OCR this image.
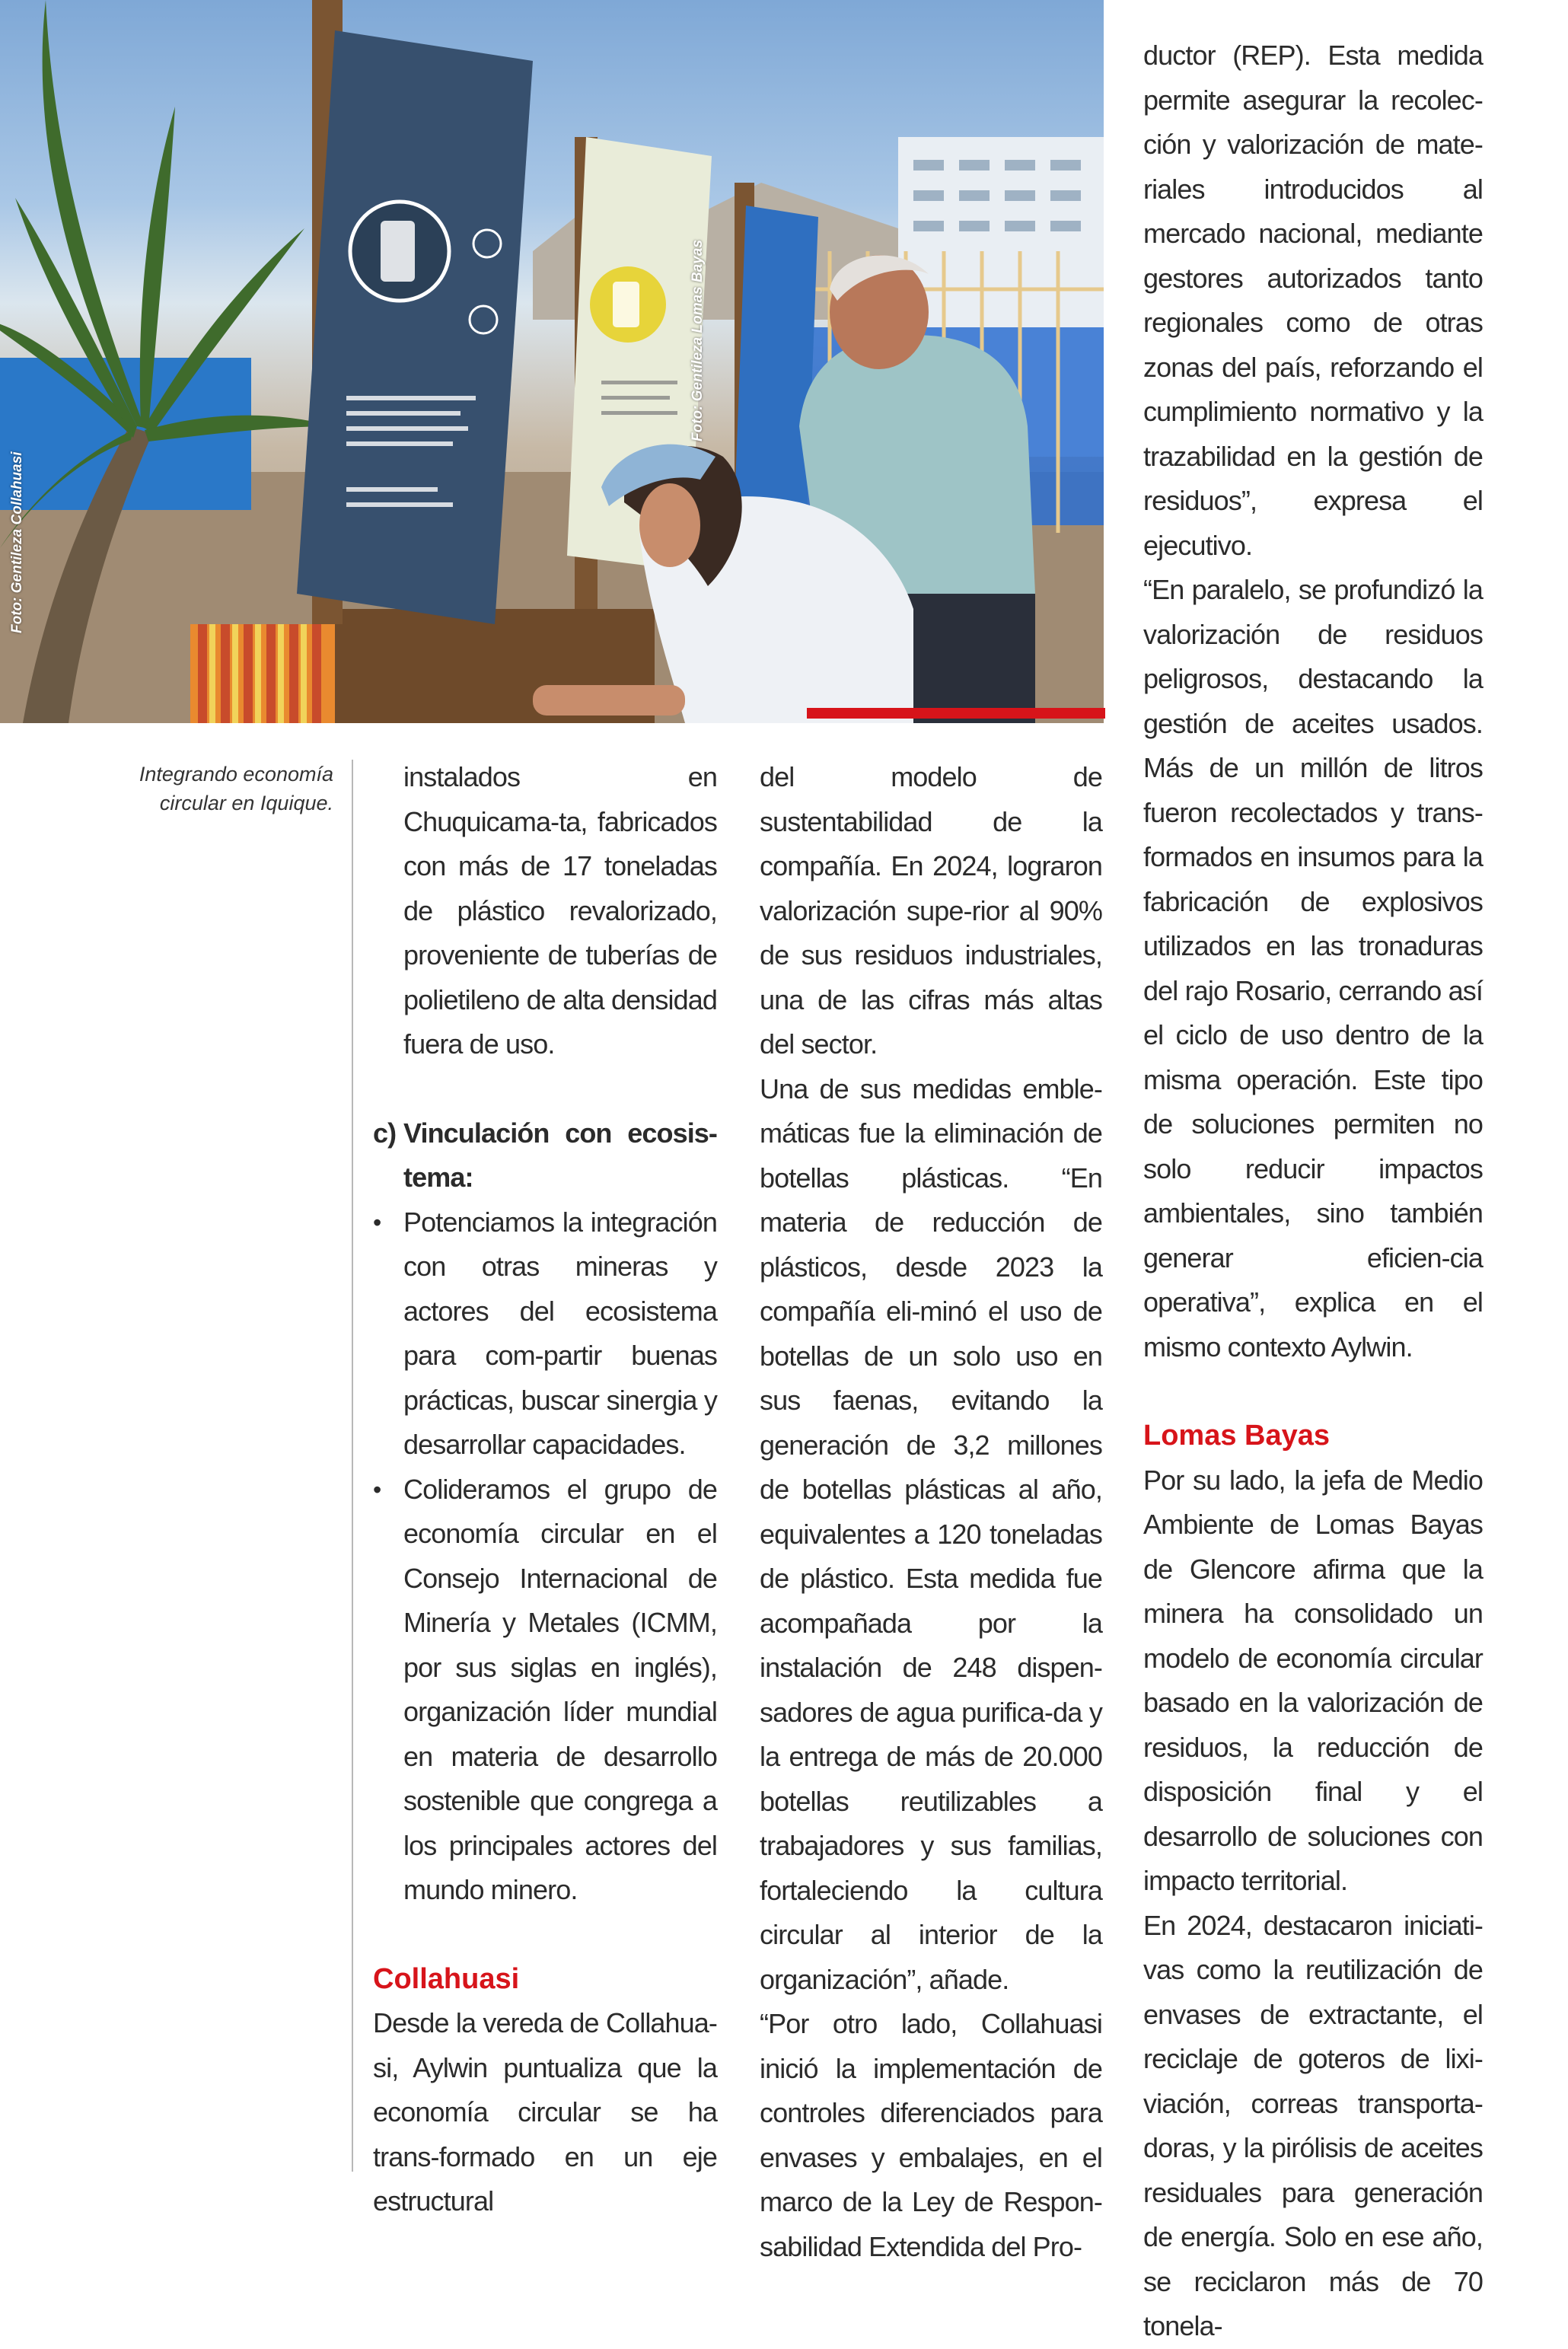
Foto: Gentileza Collahuasi
Foto: Gentileza Lomas Bayas
Integrando economía circular en Iquique.

instalados en Chuquicama-ta, fabricados con más de 17 toneladas de plástico revalorizado, proveniente de tuberías de polietileno de alta densidad fuera de uso.

c) Vinculación con ecosis-tema:
• Potenciamos la integración con otras mineras y actores del ecosistema para com-partir buenas prácticas, buscar sinergia y desarrollar capacidades.
• Colideramos el grupo de economía circular en el Consejo Internacional de Minería y Metales (ICMM, por sus siglas en inglés), organización líder mundial en materia de desarrollo sostenible que congrega a los principales actores del mundo minero.
Collahuasi

Desde la vereda de Collahua-si, Aylwin puntualiza que la economía circular se ha trans-formado en un eje estructural

del modelo de sustentabilidad de la compañía. En 2024, lograron valorización supe-rior al 90% de sus residuos industriales, una de las cifras más altas del sector.

Una de sus medidas emble-máticas fue la eliminación de botellas plásticas. “En materia de reducción de plásticos, desde 2023 la compañía eli-minó el uso de botellas de un solo uso en sus faenas, evitando la generación de 3,2 millones de botellas plásticas al año, equivalentes a 120 toneladas de plástico. Esta medida fue acompañada por la instalación de 248 dispen-sadores de agua purifica-da y la entrega de más de 20.000 botellas reutilizables a trabajadores y sus familias, fortaleciendo la cultura circular al interior de la organización”, añade.

“Por otro lado, Collahuasi inició la implementación de controles diferenciados para envases y embalajes, en el marco de la Ley de Respon-sabilidad Extendida del Pro-

ductor (REP). Esta medida permite asegurar la recolec-ción y valorización de mate-riales introducidos al mercado nacional, mediante gestores autorizados tanto regionales como de otras zonas del país, reforzando el cumplimiento normativo y la trazabilidad en la gestión de residuos”, expresa el ejecutivo.

“En paralelo, se profundizó la valorización de residuos peligrosos, destacando la gestión de aceites usados. Más de un millón de litros fueron recolectados y trans-formados en insumos para la fabricación de explosivos utilizados en las tronaduras del rajo Rosario, cerrando así el ciclo de uso dentro de la misma operación. Este tipo de soluciones permiten no solo reducir impactos ambientales, sino también generar eficien-cia operativa”, explica en el mismo contexto Aylwin.

Lomas Bayas

Por su lado, la jefa de Medio Ambiente de Lomas Bayas de Glencore afirma que la minera ha consolidado un modelo de economía circular basado en la valorización de residuos, la reducción de disposición final y el desarrollo de soluciones con impacto territorial.

En 2024, destacaron iniciati-vas como la reutilización de envases de extractante, el reciclaje de goteros de lixi-viación, correas transporta-doras, y la pirólisis de aceites residuales para generación de energía. Solo en ese año, se reciclaron más de 70 tonela-
